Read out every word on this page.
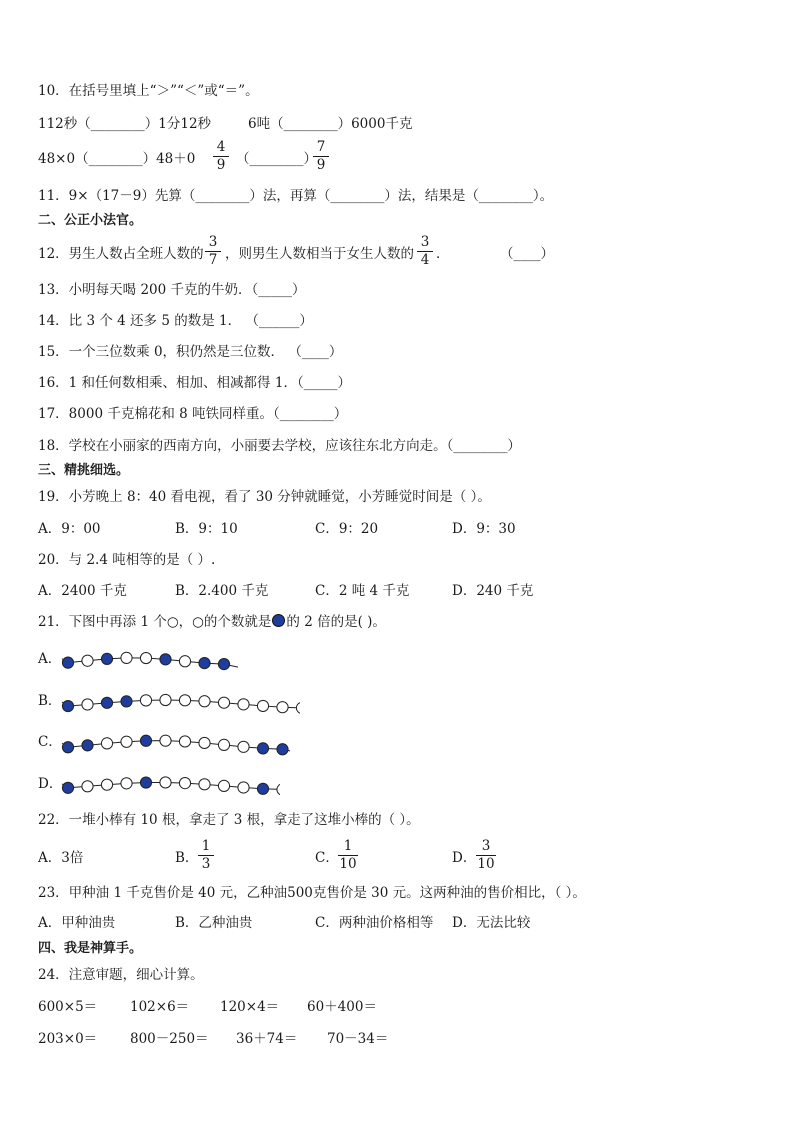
10．在括号里填上“＞”“＜”或“＝”。
112秒（________）1分12秒	6吨（________）6000千克
48×0（________）48＋0
4
9 （________）
7
9
11．9×（17－9）先算（________）法，再算（________）法，结果是（________）。
二、公正小法官。
12．男生人数占全班人数的
3
7 ，则男生人数相当于女生人数的
3
4 ．	（____）
13．小明每天喝 200 千克的牛奶．（_____）
14．比 3 个 4 还多 5 的数是 1． （______）
15．一个三位数乘 0，积仍然是三位数． （____）
16．1 和任何数相乘、相加、相减都得 1．（_____）
17．8000 千克棉花和 8 吨铁同样重。（________）
18．学校在小丽家的西南方向，小丽要去学校，应该往东北方向走。（________）
三、精挑细选。
19．小芳晚上 8：40 看电视，看了 30 分钟就睡觉，小芳睡觉时间是（ ）。
A．9：00	B．9：10	C．9：20	D．9：30
20．与 2.4 吨相等的是（ ）.
A．2400 千克	B．2.400 千克	C．2 吨 4 千克	D．240 千克
21．下图中再添 1 个○，○的个数就是 的 2 倍的是( )。
A．
B．
C．
D．
22．一堆小棒有 10 根，拿走了 3 根，拿走了这堆小棒的（ ）。
A．3倍	B．
1
3	C．
1
10	D．
3
10
23．甲种油 1 千克售价是 40 元，乙种油500克售价是 30 元。这两种油的售价相比，（ ）。
A．甲种油贵	B．乙种油贵	C．两种油价格相等 D．无法比较
四、我是神算手。
24．注意审题，细心计算。
600×5＝ 102×6＝ 120×4＝ 60＋400＝
203×0＝ 800－250＝ 36＋74＝ 70－34＝
